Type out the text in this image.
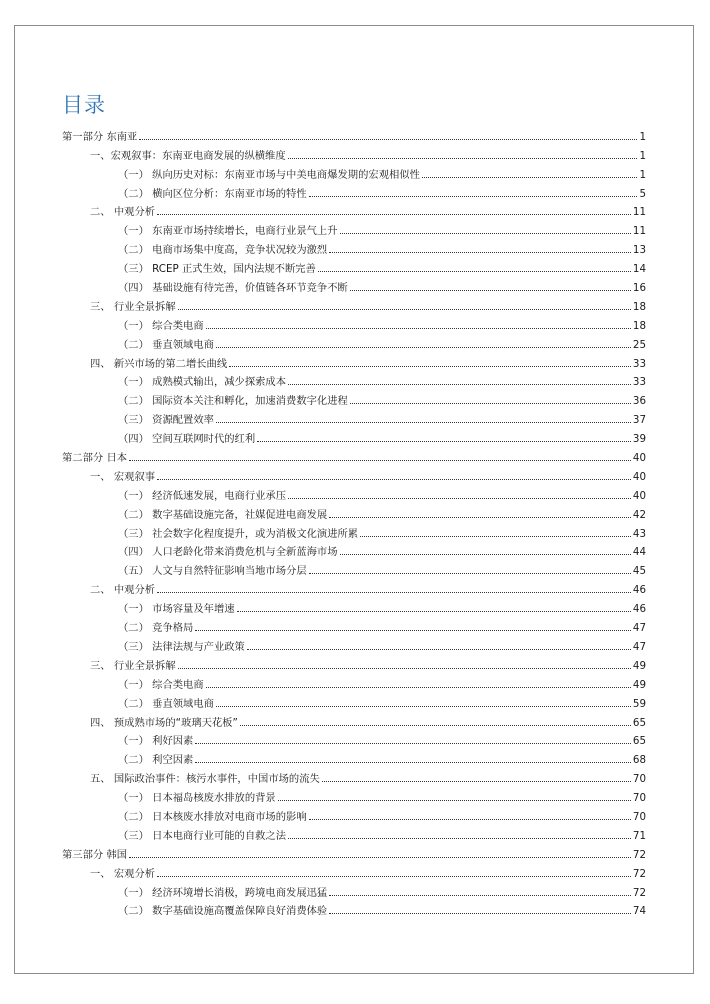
目录
第一部分 东南亚	1
一、宏观叙事：东南亚电商发展的纵横维度	1
（一） 纵向历史对标：东南亚市场与中美电商爆发期的宏观相似性	1
（二） 横向区位分析：东南亚市场的特性	5
二、 中观分析	11
（一） 东南亚市场持续增长，电商行业景气上升	11
（二） 电商市场集中度高，竞争状况较为激烈	13
（三） RCEP 正式生效，国内法规不断完善	14
（四） 基础设施有待完善，价值链各环节竞争不断	16
三、 行业全景拆解	18
（一） 综合类电商	18
（二） 垂直领域电商	25
四、 新兴市场的第二增长曲线	33
（一） 成熟模式输出，减少探索成本	33
（二） 国际资本关注和孵化，加速消费数字化进程	36
（三） 资源配置效率	37
（四） 空间互联网时代的红利	39
第二部分 日本	40
一、 宏观叙事	40
（一） 经济低速发展，电商行业承压	40
（二） 数字基础设施完备，社媒促进电商发展	42
（三） 社会数字化程度提升，或为消极文化演进所累	43
（四） 人口老龄化带来消费危机与全新蓝海市场	44
（五） 人文与自然特征影响当地市场分层	45
二、 中观分析	46
（一） 市场容量及年增速	46
（二） 竞争格局	47
（三） 法律法规与产业政策	47
三、 行业全景拆解	49
（一） 综合类电商	49
（二） 垂直领域电商	59
四、 预成熟市场的“玻璃天花板”	65
（一） 利好因素	65
（二） 利空因素	68
五、 国际政治事件：核污水事件，中国市场的流失	70
（一） 日本福岛核废水排放的背景	70
（二） 日本核废水排放对电商市场的影响	70
（三） 日本电商行业可能的自救之法	71
第三部分 韩国	72
一、 宏观分析	72
（一） 经济环境增长消极，跨境电商发展迅猛	72
（二） 数字基础设施高覆盖保障良好消费体验	74
